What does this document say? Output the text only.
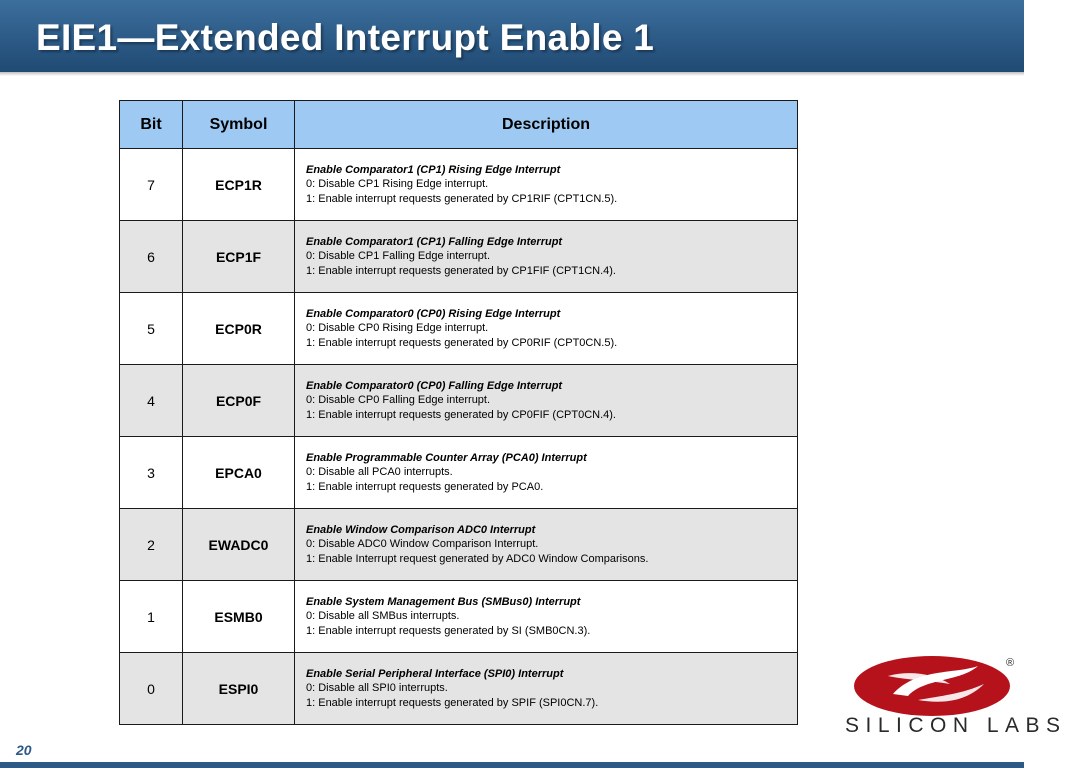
EIE1—Extended Interrupt Enable 1
Bit	Symbol	Description
7	ECP1R	Enable Comparator1 (CP1) Rising Edge Interrupt
0: Disable CP1 Rising Edge interrupt.
1: Enable interrupt requests generated by CP1RIF (CPT1CN.5).

6	ECP1F	Enable Comparator1 (CP1) Falling Edge Interrupt
0: Disable CP1 Falling Edge interrupt.
1: Enable interrupt requests generated by CP1FIF (CPT1CN.4).

5	ECP0R	Enable Comparator0 (CP0) Rising Edge Interrupt
0: Disable CP0 Rising Edge interrupt.
1: Enable interrupt requests generated by CP0RIF (CPT0CN.5).

4	ECP0F	Enable Comparator0 (CP0) Falling Edge Interrupt
0: Disable CP0 Falling Edge interrupt.
1: Enable interrupt requests generated by CP0FIF (CPT0CN.4).

3	EPCA0	Enable Programmable Counter Array (PCA0) Interrupt
0: Disable all PCA0 interrupts.
1: Enable interrupt requests generated by PCA0.

2	EWADC0	Enable Window Comparison ADC0 Interrupt
0: Disable ADC0 Window Comparison Interrupt.
1: Enable Interrupt request generated by ADC0 Window Comparisons.

1	ESMB0	Enable System Management Bus (SMBus0) Interrupt
0: Disable all SMBus interrupts.
1: Enable interrupt requests generated by SI (SMB0CN.3).

0	ESPI0	Enable Serial Peripheral Interface (SPI0) Interrupt
0: Disable all SPI0 interrupts.
1: Enable interrupt requests generated by SPIF (SPI0CN.7).
®
SILICON LABS
20
